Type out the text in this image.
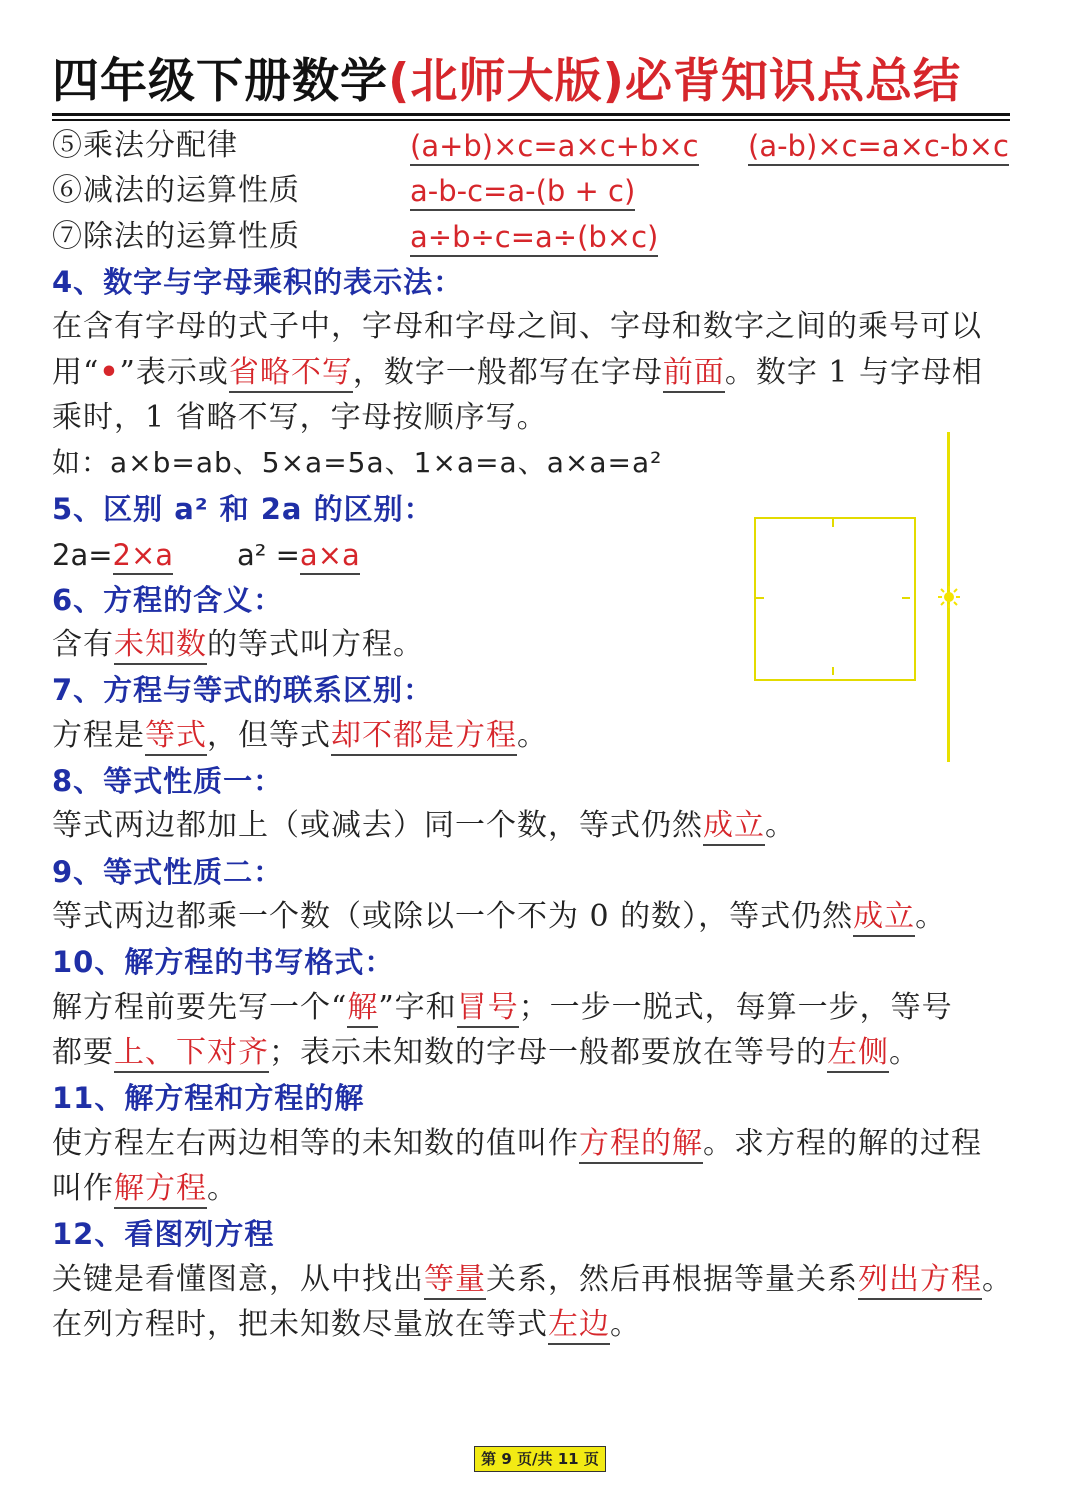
四年级下册数学(北师大版)必背知识点总结
⑤乘法分配律	(a+b)×c=a×c+b×c (a-b)×c=a×c-b×c
⑥减法的运算性质	a-b-c=a-(b + c)
⑦除法的运算性质	a÷b÷c=a÷(b×c)
4、数字与字母乘积的表示法：
在含有字母的式子中，字母和字母之间、字母和数字之间的乘号可以
用“•”表示或省略不写，数字一般都写在字母前面。数字 1 与字母相
乘时，1 省略不写，字母按顺序写。
如：a×b=ab、5×a=5a、1×a=a、a×a=a²
5、区别 a² 和 2a 的区别：
2a=2×a a² =a×a
6、方程的含义：
含有未知数的等式叫方程。
7、方程与等式的联系区别：
方程是等式，但等式却不都是方程。
8、等式性质一：
等式两边都加上（或减去）同一个数，等式仍然成立。
9、等式性质二：
等式两边都乘一个数（或除以一个不为 0 的数），等式仍然成立。
10、解方程的书写格式：
解方程前要先写一个“解”字和冒号；一步一脱式，每算一步，等号
都要上、下对齐；表示未知数的字母一般都要放在等号的左侧。
11、解方程和方程的解
使方程左右两边相等的未知数的值叫作方程的解。求方程的解的过程
叫作解方程。
12、看图列方程
关键是看懂图意，从中找出等量关系，然后再根据等量关系列出方程。
在列方程时，把未知数尽量放在等式左边。
第 9 页/共 11 页
